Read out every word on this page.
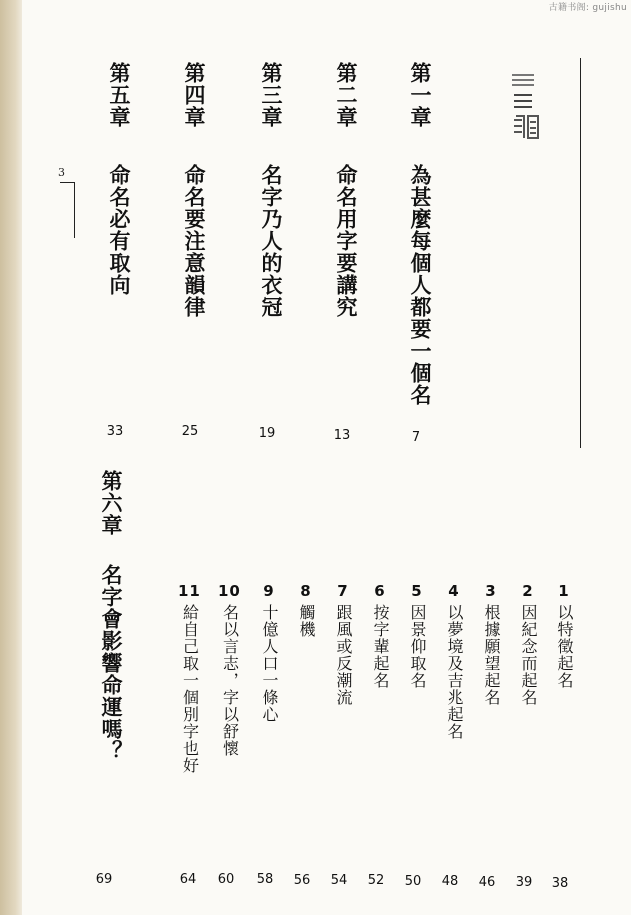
古籍书阁: gujishu
3
第一章為甚麼每個人都要一個名
7
第二章命名用字要講究
13
第三章名字乃人的衣冠
19
第四章命名要注意韻律
25
第五章命名必有取向
33
第六章名字會影響命運嗎？
69
1以特徵起名
38
2因紀念而起名
39
3根據願望起名
46
4以夢境及吉兆起名
48
5因景仰取名
50
6按字輩起名
52
7跟風或反潮流
54
8觸機
56
9十億人口一條心
58
10名以言志，字以舒懷
60
11給自己取一個別字也好
64
